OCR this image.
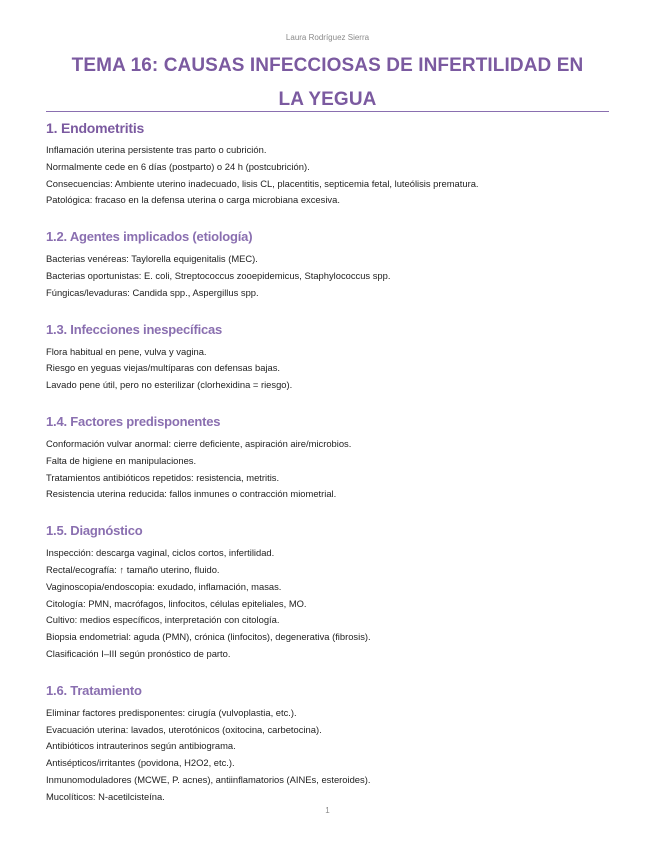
Laura Rodríguez Sierra
TEMA 16: CAUSAS INFECCIOSAS DE INFERTILIDAD EN LA YEGUA
1. Endometritis

Inflamación uterina persistente tras parto o cubrición.

Normalmente cede en 6 días (postparto) o 24 h (postcubrición).

Consecuencias: Ambiente uterino inadecuado, lisis CL, placentitis, septicemia fetal, luteólisis prematura.

Patológica: fracaso en la defensa uterina o carga microbiana excesiva.

1.2. Agentes implicados (etiología)

Bacterias venéreas: Taylorella equigenitalis (MEC).

Bacterias oportunistas: E. coli, Streptococcus zooepidemicus, Staphylococcus spp.

Fúngicas/levaduras: Candida spp., Aspergillus spp.

1.3. Infecciones inespecíficas

Flora habitual en pene, vulva y vagina.

Riesgo en yeguas viejas/multíparas con defensas bajas.

Lavado pene útil, pero no esterilizar (clorhexidina = riesgo).

1.4. Factores predisponentes

Conformación vulvar anormal: cierre deficiente, aspiración aire/microbios.

Falta de higiene en manipulaciones.

Tratamientos antibióticos repetidos: resistencia, metritis.

Resistencia uterina reducida: fallos inmunes o contracción miometrial.

1.5. Diagnóstico

Inspección: descarga vaginal, ciclos cortos, infertilidad.

Rectal/ecografía: ↑ tamaño uterino, fluido.

Vaginoscopia/endoscopia: exudado, inflamación, masas.

Citología: PMN, macrófagos, linfocitos, células epiteliales, MO.

Cultivo: medios específicos, interpretación con citología.

Biopsia endometrial: aguda (PMN), crónica (linfocitos), degenerativa (fibrosis).

Clasificación I–III según pronóstico de parto.

1.6. Tratamiento

Eliminar factores predisponentes: cirugía (vulvoplastia, etc.).

Evacuación uterina: lavados, uterotónicos (oxitocina, carbetocina).

Antibióticos intrauterinos según antibiograma.

Antisépticos/irritantes (povidona, H2O2, etc.).

Inmunomoduladores (MCWE, P. acnes), antiinflamatorios (AINEs, esteroides).

Mucolíticos: N-acetilcisteína.

1
